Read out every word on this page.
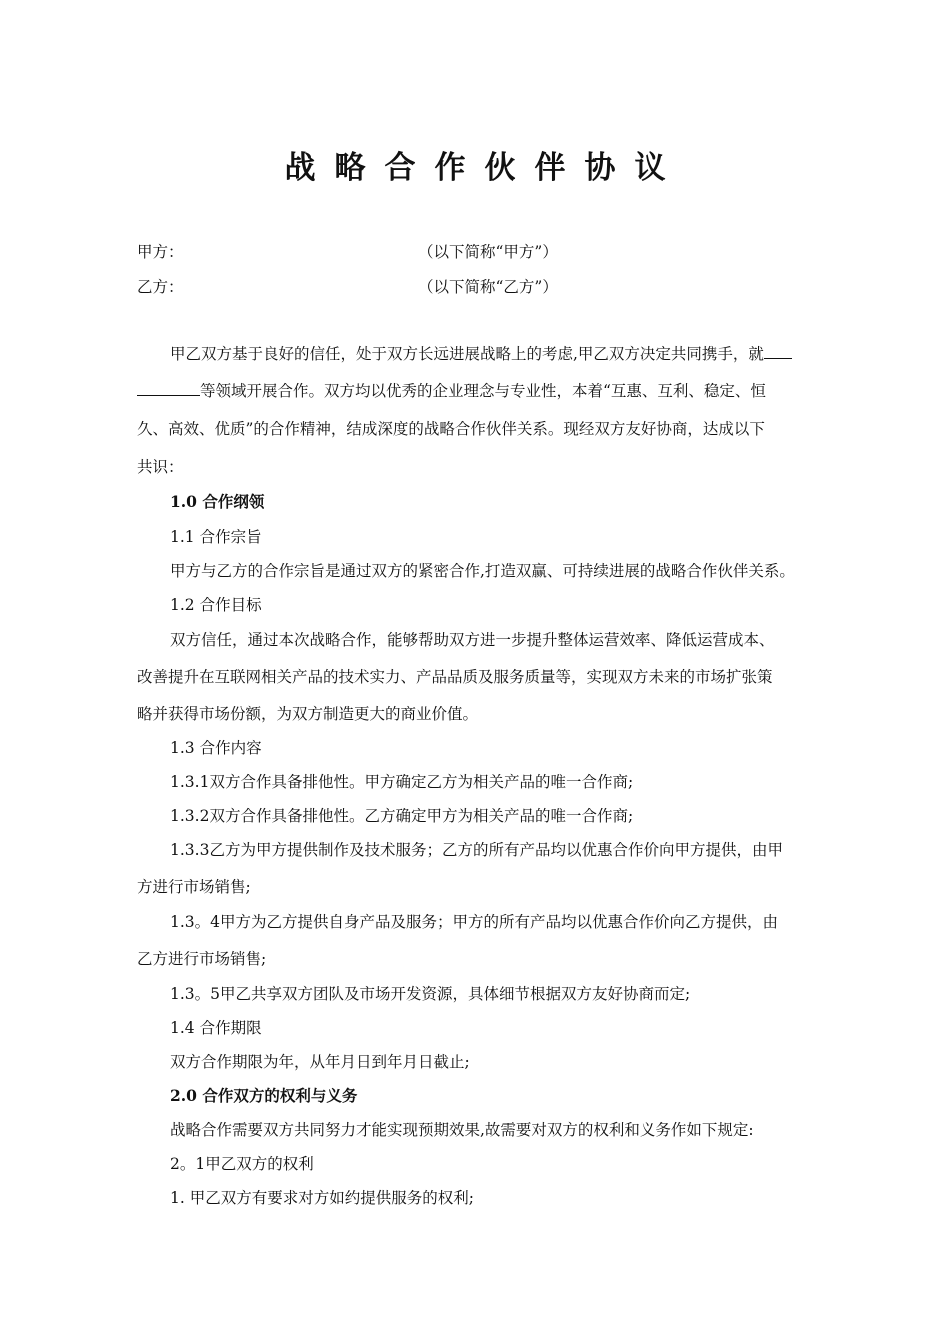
战略合作伙伴协议
甲方：	（以下简称“甲方”）
乙方：	（以下简称“乙方”）
甲乙双方基于良好的信任，处于双方长远进展战略上的考虑,甲乙双方决定共同携手，就
等领域开展合作。双方均以优秀的企业理念与专业性，本着“互惠、互利、稳定、恒
久、高效、优质”的合作精神，结成深度的战略合作伙伴关系。现经双方友好协商，达成以下
共识：
1.0 合作纲领
1.1 合作宗旨
甲方与乙方的合作宗旨是通过双方的紧密合作,打造双赢、可持续进展的战略合作伙伴关系。
1.2 合作目标
双方信任，通过本次战略合作，能够帮助双方进一步提升整体运营效率、降低运营成本、
改善提升在互联网相关产品的技术实力、产品品质及服务质量等，实现双方未来的市场扩张策
略并获得市场份额，为双方制造更大的商业价值。
1.3 合作内容
1.3.1双方合作具备排他性。甲方确定乙方为相关产品的唯一合作商;
1.3.2双方合作具备排他性。乙方确定甲方为相关产品的唯一合作商;
1.3.3乙方为甲方提供制作及技术服务；乙方的所有产品均以优惠合作价向甲方提供，由甲
方进行市场销售;
1.3。4甲方为乙方提供自身产品及服务；甲方的所有产品均以优惠合作价向乙方提供，由
乙方进行市场销售;
1.3。5甲乙共享双方团队及市场开发资源，具体细节根据双方友好协商而定;
1.4 合作期限
双方合作期限为年，从年月日到年月日截止;
2.0 合作双方的权利与义务
战略合作需要双方共同努力才能实现预期效果,故需要对双方的权利和义务作如下规定:
2。1甲乙双方的权利
1. 甲乙双方有要求对方如约提供服务的权利;
